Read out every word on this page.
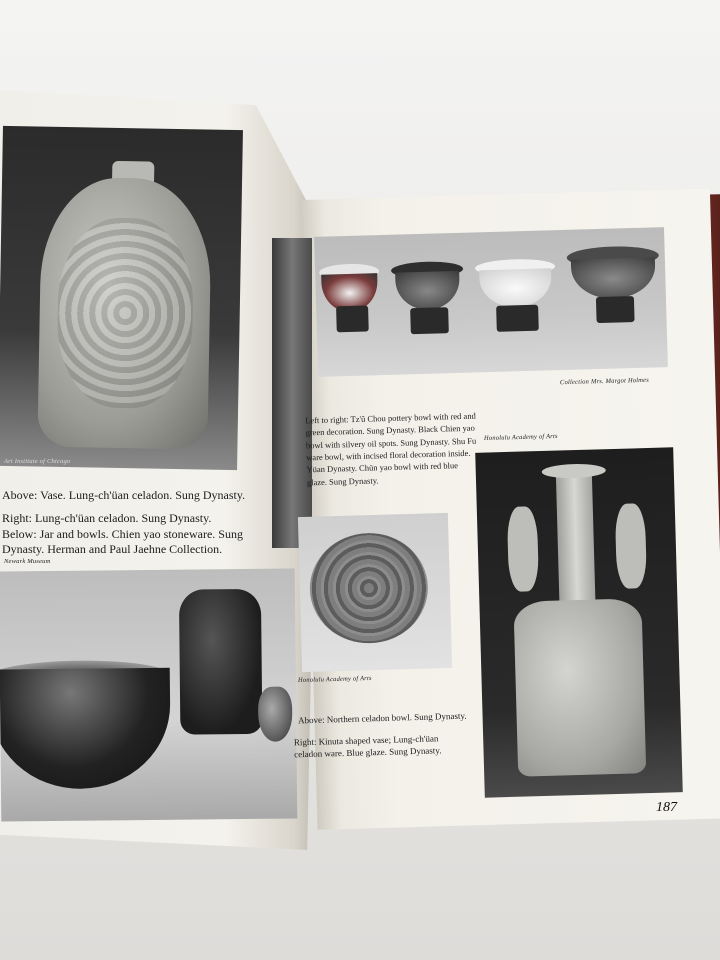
Art Institute of Chicago
Above: Vase. Lung-ch'üan celadon. Sung Dynasty.
Right: Lung-ch'üan celadon. Sung Dynasty.
Below: Jar and bowls. Chien yao stoneware. Sung
Dynasty. Herman and Paul Jaehne Collection.
Newark Museum
Collection Mrs. Margot Holmes
Left to right: Tz'ŭ Chou pottery bowl with red and green decoration. Sung Dynasty. Black Chien yao bowl with silvery oil spots. Sung Dynasty. Shu Fu ware bowl, with incised floral decoration inside. Yüan Dynasty. Chün yao bowl with red blue glaze. Sung Dynasty.
Honolulu Academy of Arts
Honolulu Academy of Arts
Above: Northern celadon bowl. Sung Dynasty.
Right: Kinuta shaped vase; Lung-ch'üan celadon ware. Blue glaze. Sung Dynasty.
187
